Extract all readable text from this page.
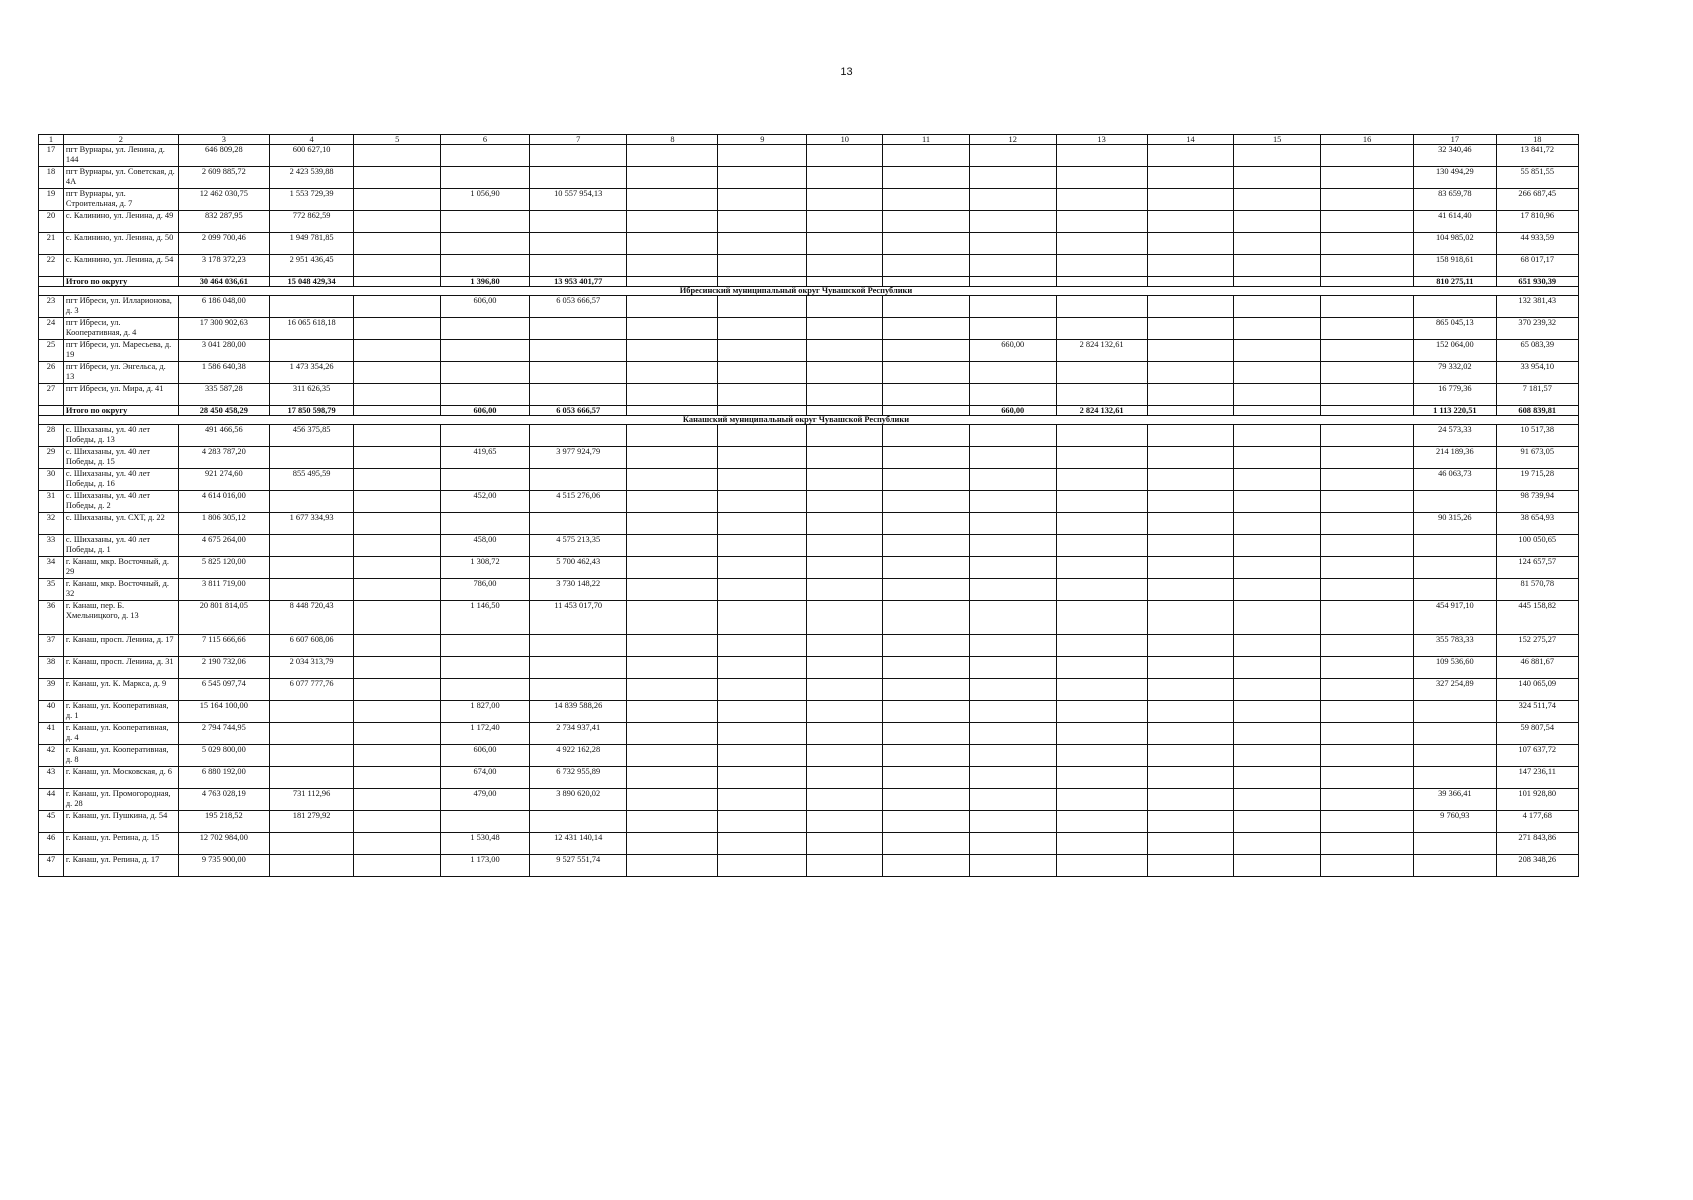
13
1	2	3	4	5	6	7	8	9	10	11	12	13	14	15	16	17	18
17	пгт Вурнары, ул. Ленина, д. 144	646 809,28	600 627,10													32 340,46	13 841,72
18	пгт Вурнары, ул. Советская, д. 4А	2 609 885,72	2 423 539,88													130 494,29	55 851,55
19	пгт Вурнары, ул. Строительная, д. 7	12 462 030,75	1 553 729,39		1 056,90	10 557 954,13										83 659,78	266 687,45
20	с. Калинино, ул. Ленина, д. 49	832 287,95	772 862,59													41 614,40	17 810,96
21	с. Калинино, ул. Ленина, д. 50	2 099 700,46	1 949 781,85													104 985,02	44 933,59
22	с. Калинино, ул. Ленина, д. 54	3 178 372,23	2 951 436,45													158 918,61	68 017,17
	Итого по округу	30 464 036,61	15 048 429,34		1 396,80	13 953 401,77										810 275,11	651 930,39
		Ибресинский муниципальный округ Чувашской Республики															
23	пгт Ибреси, ул. Илларионова, д. 3	6 186 048,00			606,00	6 053 666,57											132 381,43
24	пгт Ибреси, ул. Кооперативная, д. 4	17 300 902,63	16 065 618,18													865 045,13	370 239,32
25	пгт Ибреси, ул. Маресьева, д. 19	3 041 280,00									660,00	2 824 132,61				152 064,00	65 083,39
26	пгт Ибреси, ул. Энгельса, д. 13	1 586 640,38	1 473 354,26													79 332,02	33 954,10
27	пгт Ибреси, ул. Мира, д. 41	335 587,28	311 626,35													16 779,36	7 181,57
	Итого по округу	28 450 458,29	17 850 598,79		606,00	6 053 666,57					660,00	2 824 132,61				1 113 220,51	608 839,81
		Канашский муниципальный округ Чувашской Республики															
28	с. Шихазаны, ул. 40 лет Победы, д. 13	491 466,56	456 375,85													24 573,33	10 517,38
29	с. Шихазаны, ул. 40 лет Победы, д. 15	4 283 787,20			419,65	3 977 924,79										214 189,36	91 673,05
30	с. Шихазаны, ул. 40 лет Победы, д. 16	921 274,60	855 495,59													46 063,73	19 715,28
31	с. Шихазаны, ул. 40 лет Победы, д. 2	4 614 016,00			452,00	4 515 276,06											98 739,94
32	с. Шихазаны, ул. СХТ, д. 22	1 806 305,12	1 677 334,93													90 315,26	38 654,93
33	с. Шихазаны, ул. 40 лет Победы, д. 1	4 675 264,00			458,00	4 575 213,35											100 050,65
34	г. Канаш, мкр. Восточный, д. 29	5 825 120,00			1 308,72	5 700 462,43											124 657,57
35	г. Канаш, мкр. Восточный, д. 32	3 811 719,00			786,00	3 730 148,22											81 570,78
36	г. Канаш, пер. Б. Хмельницкого, д. 13	20 801 814,05	8 448 720,43		1 146,50	11 453 017,70										454 917,10	445 158,82
37	г. Канаш, просп. Ленина, д. 17	7 115 666,66	6 607 608,06													355 783,33	152 275,27
38	г. Канаш, просп. Ленина, д. 31	2 190 732,06	2 034 313,79													109 536,60	46 881,67
39	г. Канаш, ул. К. Маркса, д. 9	6 545 097,74	6 077 777,76													327 254,89	140 065,09
40	г. Канаш, ул. Кооперативная, д. 1	15 164 100,00			1 827,00	14 839 588,26											324 511,74
41	г. Канаш, ул. Кооперативная, д. 4	2 794 744,95			1 172,40	2 734 937,41											59 807,54
42	г. Канаш, ул. Кооперативная, д. 8	5 029 800,00			606,00	4 922 162,28											107 637,72
43	г. Канаш, ул. Московская, д. 6	6 880 192,00			674,00	6 732 955,89											147 236,11
44	г. Канаш, ул. Промогородная, д. 28	4 763 028,19	731 112,96		479,00	3 890 620,02										39 366,41	101 928,80
45	г. Канаш, ул. Пушкина, д. 54	195 218,52	181 279,92													9 760,93	4 177,68
46	г. Канаш, ул. Репина, д. 15	12 702 984,00			1 530,48	12 431 140,14											271 843,86
47	г. Канаш, ул. Репина, д. 17	9 735 900,00			1 173,00	9 527 551,74											208 348,26
